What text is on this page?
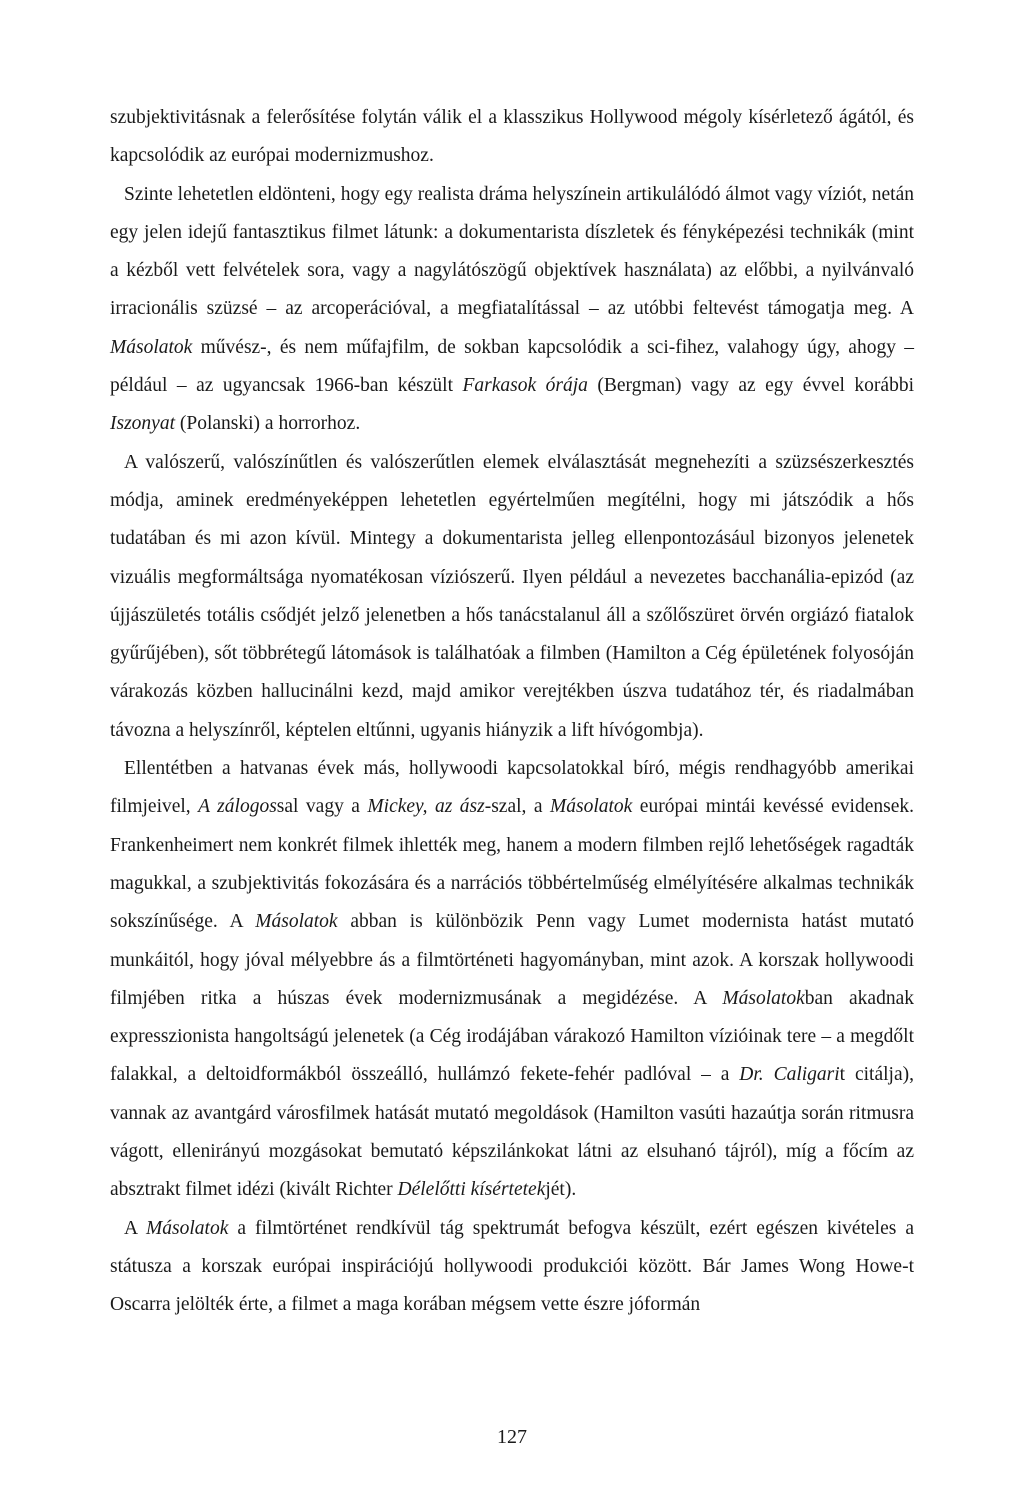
szubjektivitásnak a felerősítése folytán válik el a klasszikus Hollywood mégoly kísérletező ágától, és kapcsolódik az európai modernizmushoz.

Szinte lehetetlen eldönteni, hogy egy realista dráma helyszínein artikulálódó álmot vagy víziót, netán egy jelen idejű fantasztikus filmet látunk: a dokumentarista díszletek és fényképezési technikák (mint a kézből vett felvételek sora, vagy a nagylátószögű objektívek használata) az előbbi, a nyilvánvaló irracionális szüzsé – az arcoperációval, a megfiatalítással – az utóbbi feltevést támogatja meg. A Másolatok művész-, és nem műfajfilm, de sokban kapcsolódik a sci-fihez, valahogy úgy, ahogy – például – az ugyancsak 1966-ban készült Farkasok órája (Bergman) vagy az egy évvel korábbi Iszonyat (Polanski) a horrorhoz.

A valószerű, valószínűtlen és valószerűtlen elemek elválasztását megnehezíti a szüzsészerkesztés módja, aminek eredményeképpen lehetetlen egyértelműen megítélni, hogy mi játszódik a hős tudatában és mi azon kívül. Mintegy a dokumentarista jelleg ellenpontozásául bizonyos jelenetek vizuális megformáltsága nyomatékosan víziószerű. Ilyen például a nevezetes bacchanália-epizód (az újjászületés totális csődjét jelző jelenetben a hős tanácstalanul áll a szőlőszüret örvén orgiázó fiatalok gyűrűjében), sőt többrétegű látomások is találhatóak a filmben (Hamilton a Cég épületének folyosóján várakozás közben hallucinálni kezd, majd amikor verejtékben úszva tudatához tér, és riadalmában távozna a helyszínről, képtelen eltűnni, ugyanis hiányzik a lift hívógombja).

Ellentétben a hatvanas évek más, hollywoodi kapcsolatokkal bíró, mégis rendhagyóbb amerikai filmjeivel, A zálogossal vagy a Mickey, az ász-szal, a Másolatok európai mintái kevéssé evidensek. Frankenheimert nem konkrét filmek ihlették meg, hanem a modern filmben rejlő lehetőségek ragadták magukkal, a szubjektivitás fokozására és a narrációs többértelműség elmélyítésére alkalmas technikák sokszínűsége. A Másolatok abban is különbözik Penn vagy Lumet modernista hatást mutató munkáitól, hogy jóval mélyebbre ás a filmtörténeti hagyományban, mint azok. A korszak hollywoodi filmjében ritka a húszas évek modernizmusának a megidézése. A Másolatokban akadnak expresszionista hangoltságú jelenetek (a Cég irodájában várakozó Hamilton vízióinak tere – a megdőlt falakkal, a deltoidformákból összeálló, hullámzó fekete-fehér padlóval – a Dr. Caligarit citálja), vannak az avantgárd városfilmek hatását mutató megoldások (Hamilton vasúti hazaútja során ritmusra vágott, ellenirányú mozgásokat bemutató képszilánkokat látni az elsuhanó tájról), míg a főcím az absztrakt filmet idézi (kivált Richter Délelőtti kísértetekjét).

A Másolatok a filmtörténet rendkívül tág spektrumát befogva készült, ezért egészen kivételes a státusza a korszak európai inspirációjú hollywoodi produkciói között. Bár James Wong Howe-t Oscarra jelölték érte, a filmet a maga korában mégsem vette észre jóformán

127
